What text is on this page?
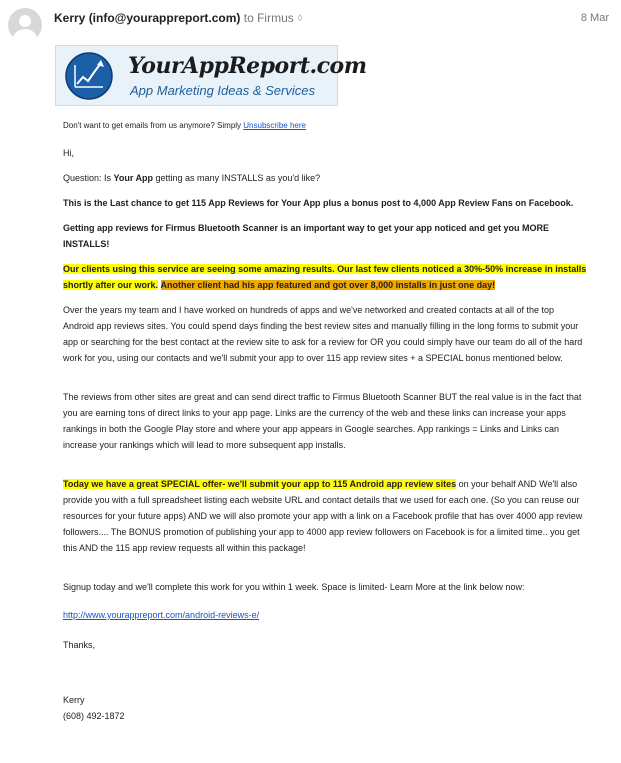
Kerry (info@yourappreport.com) to Firmus ◊	8 Mar
YourAppReport.com
App Marketing Ideas & Services

Don't want to get emails from us anymore? Simply Unsubscribe here

Hi,

Question: Is Your App getting as many INSTALLS as you'd like?

This is the Last chance to get 115 App Reviews for Your App plus a bonus post to 4,000 App Review Fans on Facebook.

Getting app reviews for Firmus Bluetooth Scanner is an important way to get your app noticed and get you MORE INSTALLS!

Our clients using this service are seeing some amazing results. Our last few clients noticed a 30%-50% increase in installs shortly after our work. Another client had his app featured and got over 8,000 installs in just one day!

Over the years my team and I have worked on hundreds of apps and we've networked and created contacts at all of the top Android app reviews sites. You could spend days finding the best review sites and manually filling in the long forms to submit your app or searching for the best contact at the review site to ask for a review for OR you could simply have our team do all of the hard work for you, using our contacts and we'll submit your app to over 115 app review sites + a SPECIAL bonus mentioned below.

The reviews from other sites are great and can send direct traffic to Firmus Bluetooth Scanner BUT the real value is in the fact that you are earning tons of direct links to your app page. Links are the currency of the web and these links can increase your apps rankings in both the Google Play store and where your app appears in Google searches. App rankings = Links and Links can increase your rankings which will lead to more subsequent app installs.

Today we have a great SPECIAL offer- we'll submit your app to 115 Android app review sites on your behalf AND We'll also provide you with a full spreadsheet listing each website URL and contact details that we used for each one. (So you can reuse our resources for your future apps) AND we will also promote your app with a link on a Facebook profile that has over 4000 app review followers.... The BONUS promotion of publishing your app to 4000 app review followers on Facebook is for a limited time.. you get this AND the 115 app review requests all within this package!

Signup today and we'll complete this work for you within 1 week. Space is limited- Learn More at the link below now:

http://www.yourappreport.com/android-reviews-e/

Thanks,

Kerry

(608) 492-1872
